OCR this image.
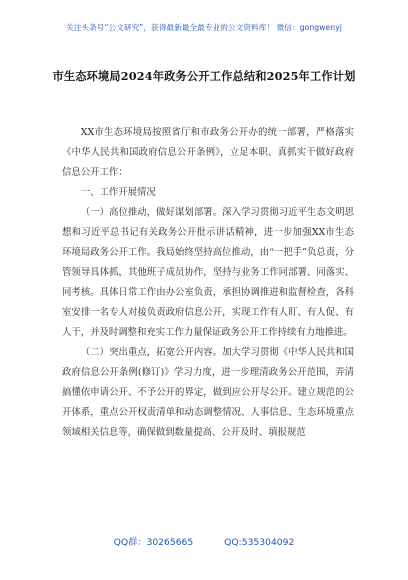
关注头条号“公文研究”，获得最新最全最专业的公文资料库！ 微信：gongwenyj
市生态环境局2024年政务公开工作总结和2025年工作计划

XX市生态环境局按照省厅和市政务公开办的统一部署，严格落实《中华人民共和国政府信息公开条例》，立足本职、真抓实干做好政府信息公开工作：

一、工作开展情况

（一）高位推动，做好谋划部署。深入学习贯彻习近平生态文明思想和习近平总书记有关政务公开批示讲话精神，进一步加强XX市生态环境局政务公开工作。我局始终坚持高位推动，由“一把手”负总责，分管领导具体抓，其他班子成员协作，坚持与业务工作同部署、同落实、同考核。具体日常工作由办公室负责，承担协调推进和监督检查，各科室安排一名专人对接负责政府信息公开，实现工作有人盯、有人促、有人干，并及时调整和充实工作力量保证政务公开工作持续有力地推进。

（二）突出重点，拓宽公开内容。加大学习贯彻《中华人民共和国政府信息公开条例(修订)》学习力度，进一步理清政务公开范围，弄清搞懂依申请公开、不予公开的界定，做到应公开尽公开。建立规范的公开体系，重点公开权责清单和动态调整情况、人事信息、生态环境重点领域相关信息等，确保做到数量提高、公开及时、填报规范

QQ群：30265665	QQ:535304092
